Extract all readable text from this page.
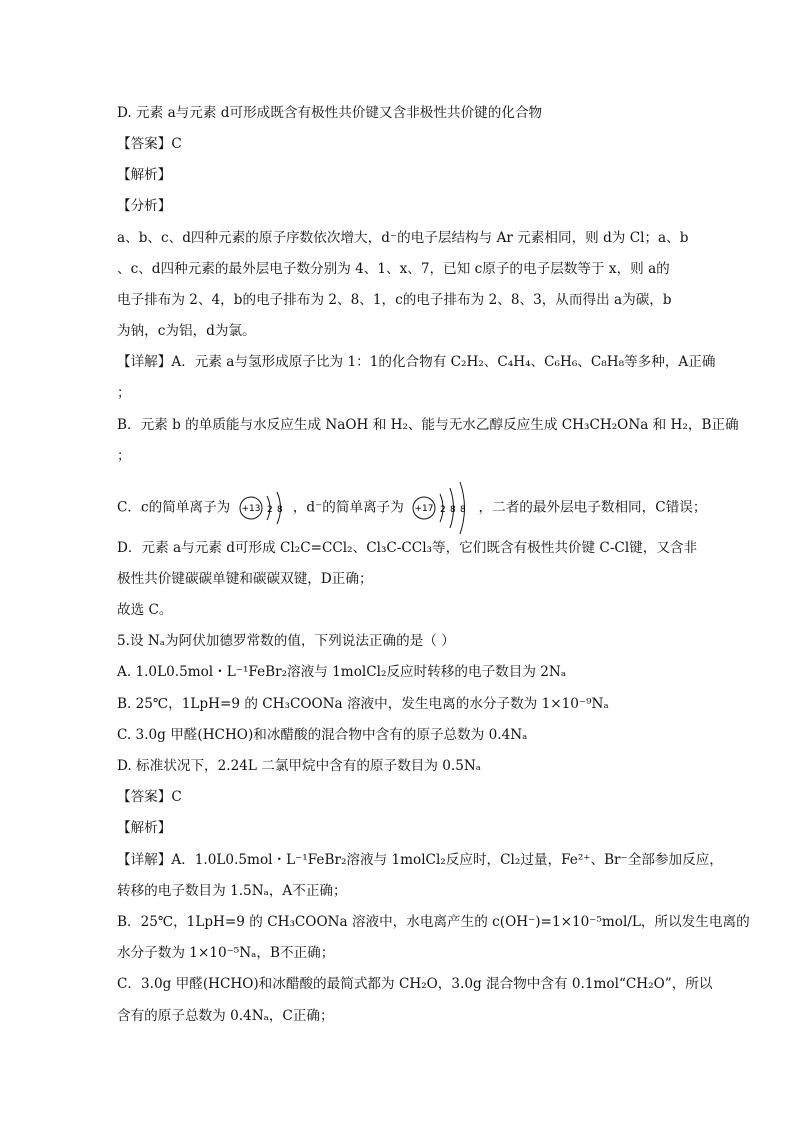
D. 元素 a与元素 d可形成既含有极性共价键又含非极性共价键的化合物
【答案】C
【解析】
【分析】
a、b、c、d四种元素的原子序数依次增大，d⁻的电子层结构与 Ar 元素相同，则 d为 Cl；a、b
、c、d四种元素的最外层电子数分别为 4、1、x、7，已知 c原子的电子层数等于 x，则 a的
电子排布为 2、4，b的电子排布为 2、8、1，c的电子排布为 2、8、3，从而得出 a为碳，b
为钠，c为铝，d为氯。
【详解】A．元素 a与氢形成原子比为 1：1的化合物有 C₂H₂、C₄H₄、C₆H₆、C₈H₈等多种，A正确
；
B．元素 b 的单质能与水反应生成 NaOH 和 H₂、能与无水乙醇反应生成 CH₃CH₂ONa 和 H₂，B正确
；
C．c的简单离子为 +13 2 8 ，d⁻的简单离子为 +17 2 8 8 ，二者的最外层电子数相同，C错误；
D．元素 a与元素 d可形成 Cl₂C=CCl₂、Cl₃C-CCl₃等，它们既含有极性共价键 C-Cl键，又含非
极性共价键碳碳单键和碳碳双键，D正确；
故选 C。
5.设 Nₐ为阿伏加德罗常数的值，下列说法正确的是（ ）
A. 1.0L0.5mol・L⁻¹FeBr₂溶液与 1molCl₂反应时转移的电子数目为 2Nₐ
B. 25℃，1LpH=9 的 CH₃COONa 溶液中，发生电离的水分子数为 1×10⁻⁹Nₐ
C. 3.0g 甲醛(HCHO)和冰醋酸的混合物中含有的原子总数为 0.4Nₐ
D. 标准状况下，2.24L 二氯甲烷中含有的原子数目为 0.5Nₐ
【答案】C
【解析】
【详解】A．1.0L0.5mol・L⁻¹FeBr₂溶液与 1molCl₂反应时，Cl₂过量，Fe²⁺、Br⁻全部参加反应，
转移的电子数目为 1.5Nₐ，A不正确；
B．25℃，1LpH=9 的 CH₃COONa 溶液中，水电离产生的 c(OH⁻)=1×10⁻⁵mol/L，所以发生电离的
水分子数为 1×10⁻⁵Nₐ，B不正确；
C．3.0g 甲醛(HCHO)和冰醋酸的最简式都为 CH₂O，3.0g 混合物中含有 0.1mol“CH₂O”，所以
含有的原子总数为 0.4Nₐ，C正确；
